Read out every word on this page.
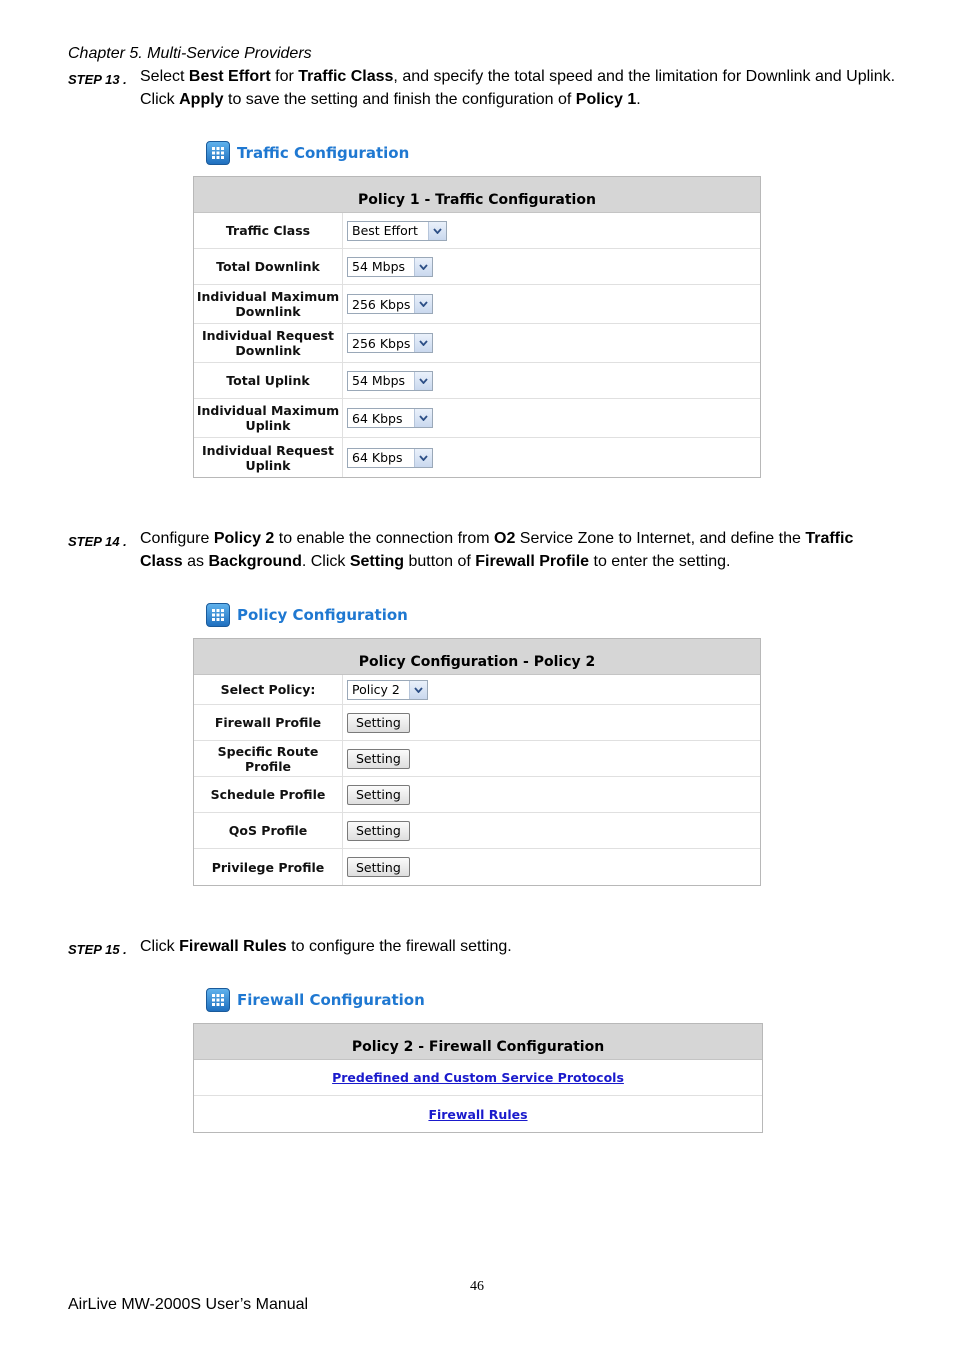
Chapter 5. Multi-Service Providers
STEP 13 . Select Best Effort for Traffic Class, and specify the total speed and the limitation for Downlink and Uplink. Click Apply to save the setting and finish the configuration of Policy 1.
Traffic Configuration
Policy 1 - Traffic Configuration
Traffic Class	Best Effort
Total Downlink	54 Mbps
Individual Maximum Downlink	256 Kbps
Individual Request Downlink	256 Kbps
Total Uplink	54 Mbps
Individual Maximum Uplink	64 Kbps
Individual Request Uplink	64 Kbps
STEP 14 . Configure Policy 2 to enable the connection from O2 Service Zone to Internet, and define the Traffic Class as Background. Click Setting button of Firewall Profile to enter the setting.
Policy Configuration
Policy Configuration - Policy 2
Select Policy:	Policy 2
Firewall Profile	Setting
Specific Route Profile	Setting
Schedule Profile	Setting
QoS Profile	Setting
Privilege Profile	Setting
STEP 15 . Click Firewall Rules to configure the firewall setting.
Firewall Configuration
Policy 2 - Firewall Configuration
Predefined and Custom Service Protocols
Firewall Rules
46
AirLive MW-2000S User’s Manual
